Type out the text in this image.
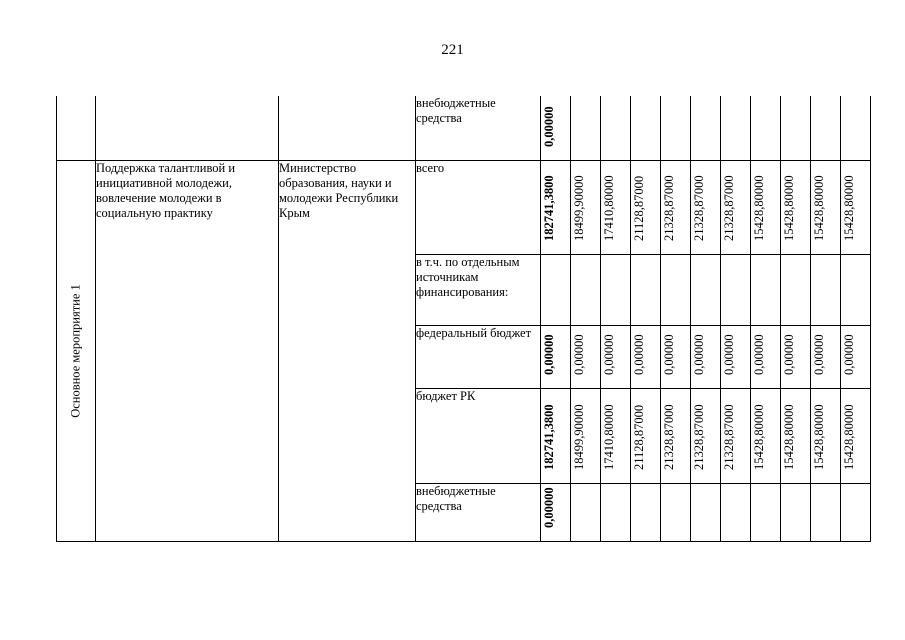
221
			внебюджетные средства	0,00000										

Основное мероприятие 1	Поддержка талантливой и инициативной молодежи, вовлечение молодежи в социальную практику	Министерство образования, науки и молодежи Республики Крым	всего	182741,3800	18499,90000	17410,80000	21128,87000	21328,87000	21328,87000	21328,87000	15428,80000	15428,80000	15428,80000	15428,80000

			в т.ч. по отдельным источникам финансирования:	

			федеральный бюджет	0,00000	0,00000	0,00000	0,00000	0,00000	0,00000	0,00000	0,00000	0,00000	0,00000	0,00000

			бюджет РК	182741,3800	18499,90000	17410,80000	21128,87000	21328,87000	21328,87000	21328,87000	15428,80000	15428,80000	15428,80000	15428,80000

			внебюджетные средства	0,00000										
